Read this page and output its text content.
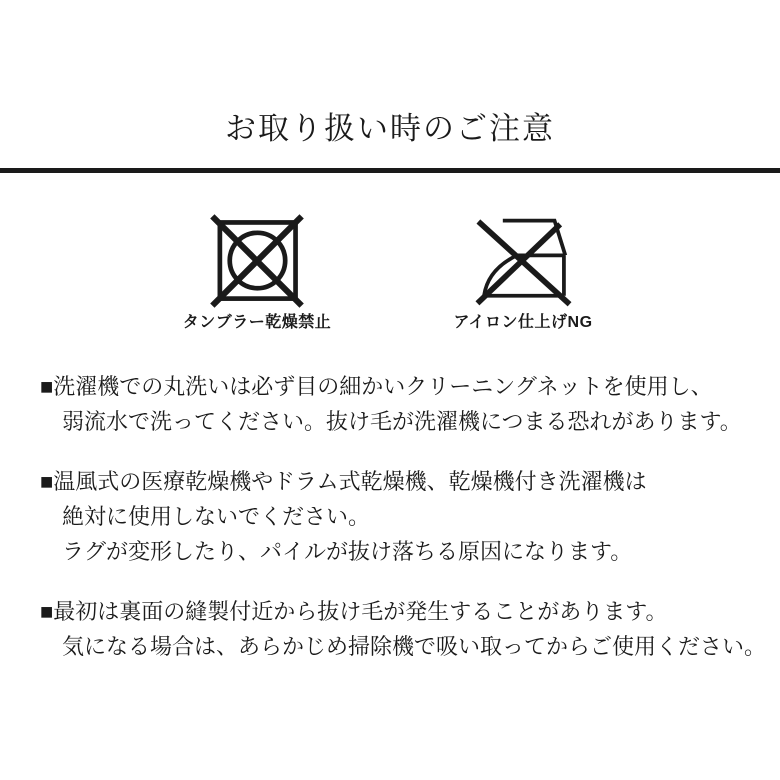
お取り扱い時のご注意
タンブラー乾燥禁止	アイロン仕上げNG

■洗濯機での丸洗いは必ず目の細かいクリーニングネットを使用し、
弱流水で洗ってください。抜け毛が洗濯機につまる恐れがあります。

■温風式の医療乾燥機やドラム式乾燥機、乾燥機付き洗濯機は
絶対に使用しないでください。
ラグが変形したり、パイルが抜け落ちる原因になります。

■最初は裏面の縫製付近から抜け毛が発生することがあります。
気になる場合は、あらかじめ掃除機で吸い取ってからご使用ください。
